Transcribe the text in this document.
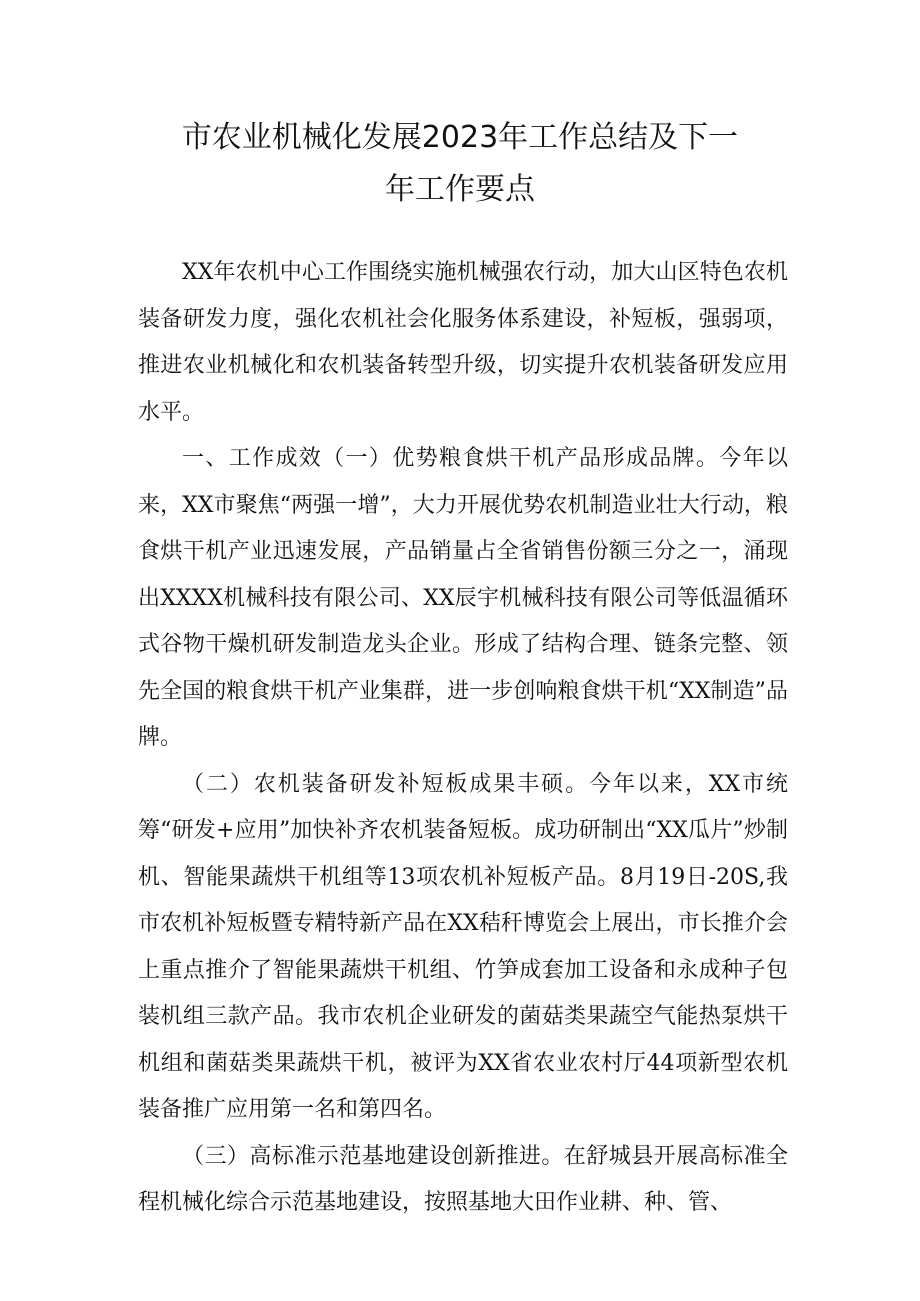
市农业机械化发展2023年工作总结及下一
年工作要点

XX年农机中心工作围绕实施机械强农行动，加大山区特色农机装备研发力度，强化农机社会化服务体系建设，补短板，强弱项，推进农业机械化和农机装备转型升级，切实提升农机装备研发应用水平。

一、工作成效（一）优势粮食烘干机产品形成品牌。今年以来，XX市聚焦“两强一增”，大力开展优势农机制造业壮大行动，粮食烘干机产业迅速发展，产品销量占全省销售份额三分之一，涌现出XXXX机械科技有限公司、XX辰宇机械科技有限公司等低温循环式谷物干燥机研发制造龙头企业。形成了结构合理、链条完整、领先全国的粮食烘干机产业集群，进一步创响粮食烘干机“XX制造”品牌。

（二）农机装备研发补短板成果丰硕。今年以来，XX市统筹“研发+应用”加快补齐农机装备短板。成功研制出“XX瓜片”炒制机、智能果蔬烘干机组等13项农机补短板产品。8月19日-20S,我市农机补短板暨专精特新产品在XX秸秆博览会上展出，市长推介会上重点推介了智能果蔬烘干机组、竹笋成套加工设备和永成种子包装机组三款产品。我市农机企业研发的菌菇类果蔬空气能热泵烘干机组和菌菇类果蔬烘干机，被评为XX省农业农村厅44项新型农机装备推广应用第一名和第四名。

（三）高标准示范基地建设创新推进。在舒城县开展高标准全程机械化综合示范基地建设，按照基地大田作业耕、种、管、
